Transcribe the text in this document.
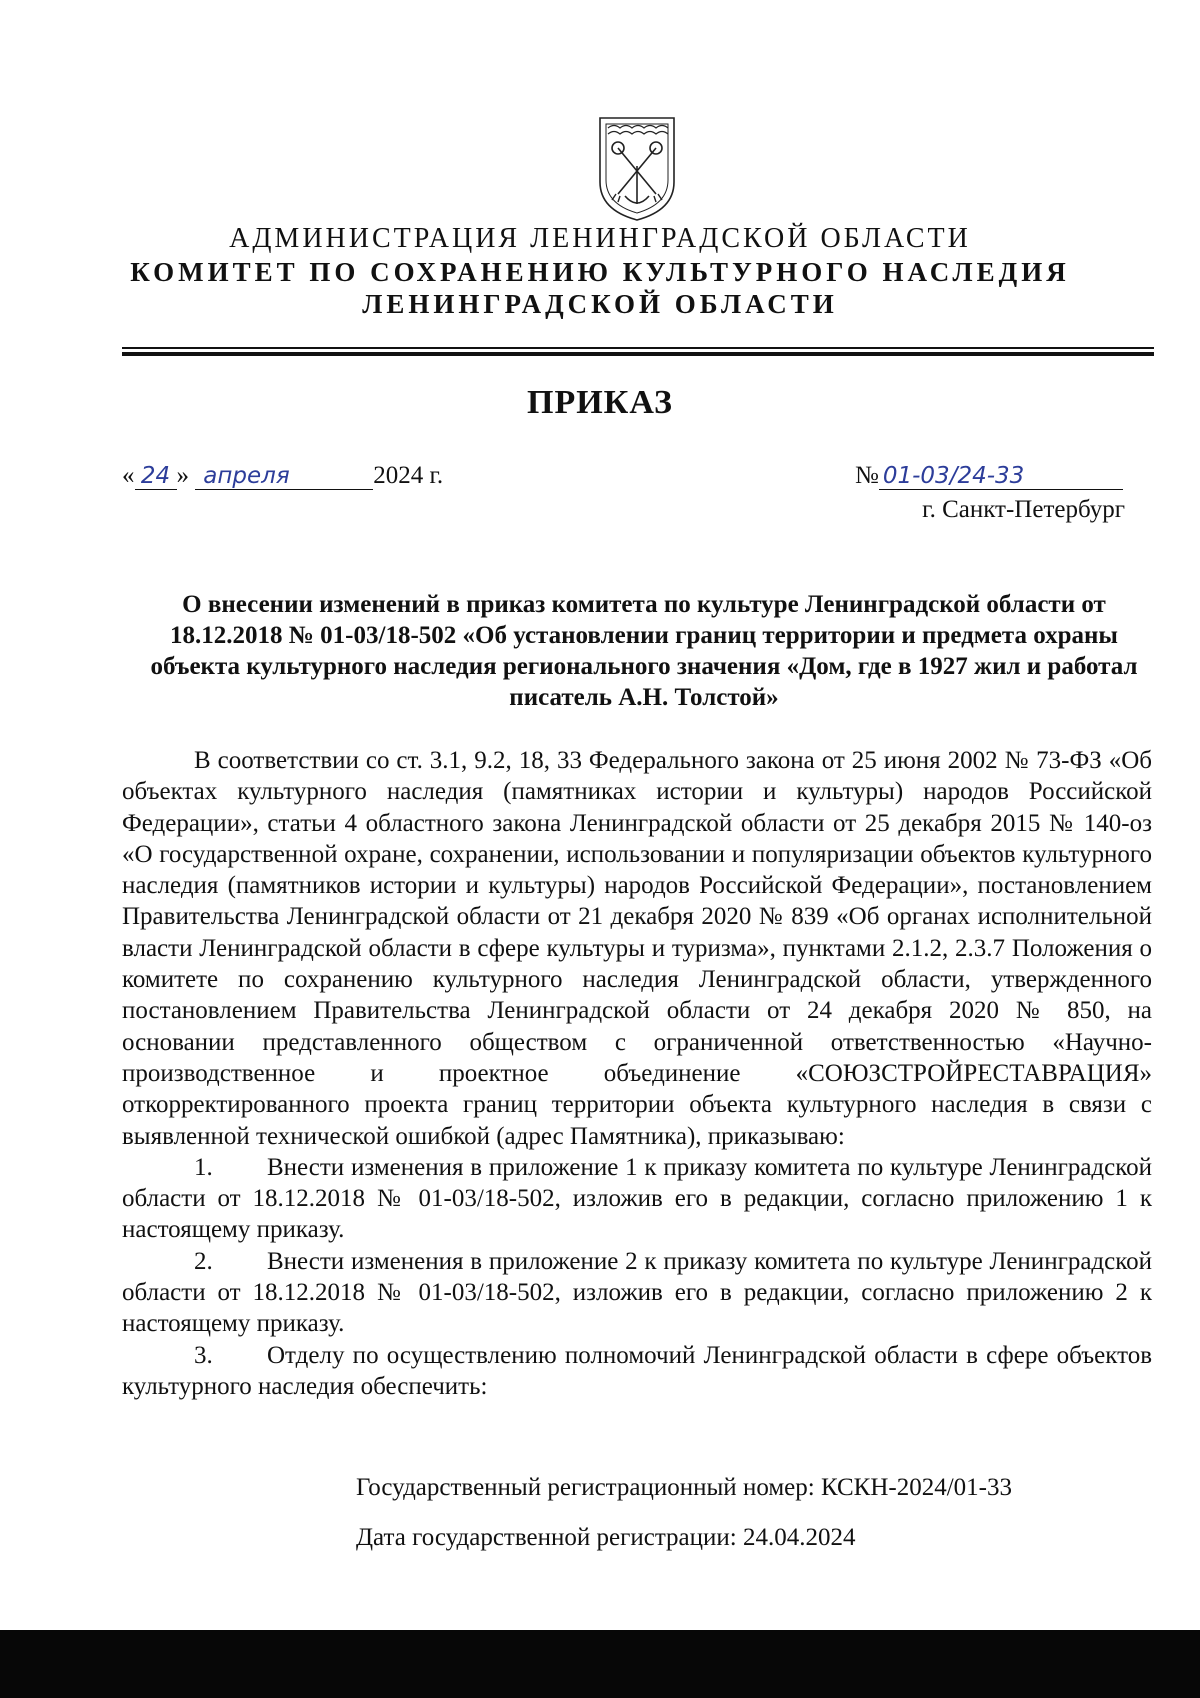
АДМИНИСТРАЦИЯ ЛЕНИНГРАДСКОЙ ОБЛАСТИ
КОМИТЕТ ПО СОХРАНЕНИЮ КУЛЬТУРНОГО НАСЛЕДИЯ
ЛЕНИНГРАДСКОЙ ОБЛАСТИ
ПРИКАЗ
« 24 » апреля	2024 г.	№ 01-03/24-33
г. Санкт-Петербург
О внесении изменений в приказ комитета по культуре Ленинградской области от 18.12.2018 № 01-03/18-502 «Об установлении границ территории и предмета охраны объекта культурного наследия регионального значения «Дом, где в 1927 жил и работал писатель А.Н. Толстой»

В соответствии со ст. 3.1, 9.2, 18, 33 Федерального закона от 25 июня 2002 № 73-ФЗ «Об объектах культурного наследия (памятниках истории и культуры) народов Российской Федерации», статьи 4 областного закона Ленинградской области от 25 декабря 2015 № 140-оз «О государственной охране, сохранении, использовании и популяризации объектов культурного наследия (памятников истории и культуры) народов Российской Федерации», постановлением Правительства Ленинградской области от 21 декабря 2020 № 839 «Об органах исполнительной власти Ленинградской области в сфере культуры и туризма», пунктами 2.1.2, 2.3.7 Положения о комитете по сохранению культурного наследия Ленинградской области, утвержденного постановлением Правительства Ленинградской области от 24 декабря 2020 № 850, на основании представленного обществом с ограниченной ответственностью «Научно-производственное и проектное объединение «СОЮЗСТРОЙРЕСТАВРАЦИЯ» откорректированного проекта границ территории объекта культурного наследия в связи с выявленной технической ошибкой (адрес Памятника), приказываю:

1. Внести изменения в приложение 1 к приказу комитета по культуре Ленинградской области от 18.12.2018 № 01-03/18-502, изложив его в редакции, согласно приложению 1 к настоящему приказу.

2. Внести изменения в приложение 2 к приказу комитета по культуре Ленинградской области от 18.12.2018 № 01-03/18-502, изложив его в редакции, согласно приложению 2 к настоящему приказу.

3. Отделу по осуществлению полномочий Ленинградской области в сфере объектов культурного наследия обеспечить:

Государственный регистрационный номер: КСКН-2024/01-33
Дата государственной регистрации: 24.04.2024
